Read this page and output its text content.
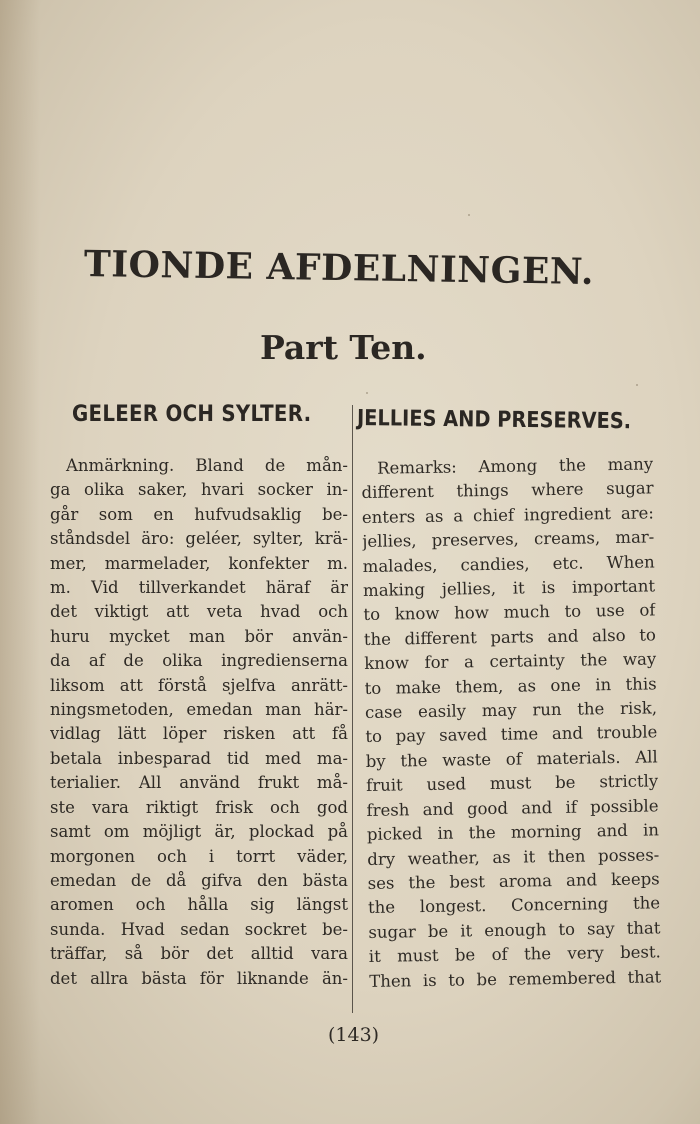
TIONDE AFDELNINGEN.
Part Ten.
GELEER OCH SYLTER. JELLIES AND PRESERVES.
Anmärkning. Bland de mån-
ga olika saker, hvari socker in-
går som en hufvudsaklig be-
ståndsdel äro: geléer, sylter, krä-
mer, marmelader, konfekter m.
m. Vid tillverkandet häraf är
det viktigt att veta hvad och
huru mycket man bör använ-
da af de olika ingredienserna
liksom att förstå sjelfva anrätt-
ningsmetoden, emedan man här-
vidlag lätt löper risken att få
betala inbesparad tid med ma-
terialier. All använd frukt må-
ste vara riktigt frisk och god
samt om möjligt är, plockad på
morgonen och i torrt väder,
emedan de då gifva den bästa
aromen och hålla sig längst
sunda. Hvad sedan sockret be-
träffar, så bör det alltid vara
det allra bästa för liknande än-
Remarks: Among the many
different things where sugar
enters as a chief ingredient are:
jellies, preserves, creams, mar-
malades, candies, etc. When
making jellies, it is important
to know how much to use of
the different parts and also to
know for a certainty the way
to make them, as one in this
case easily may run the risk,
to pay saved time and trouble
by the waste of materials. All
fruit used must be strictly
fresh and good and if possible
picked in the morning and in
dry weather, as it then posses-
ses the best aroma and keeps
the longest. Concerning the
sugar be it enough to say that
it must be of the very best.
Then is to be remembered that
(143)
